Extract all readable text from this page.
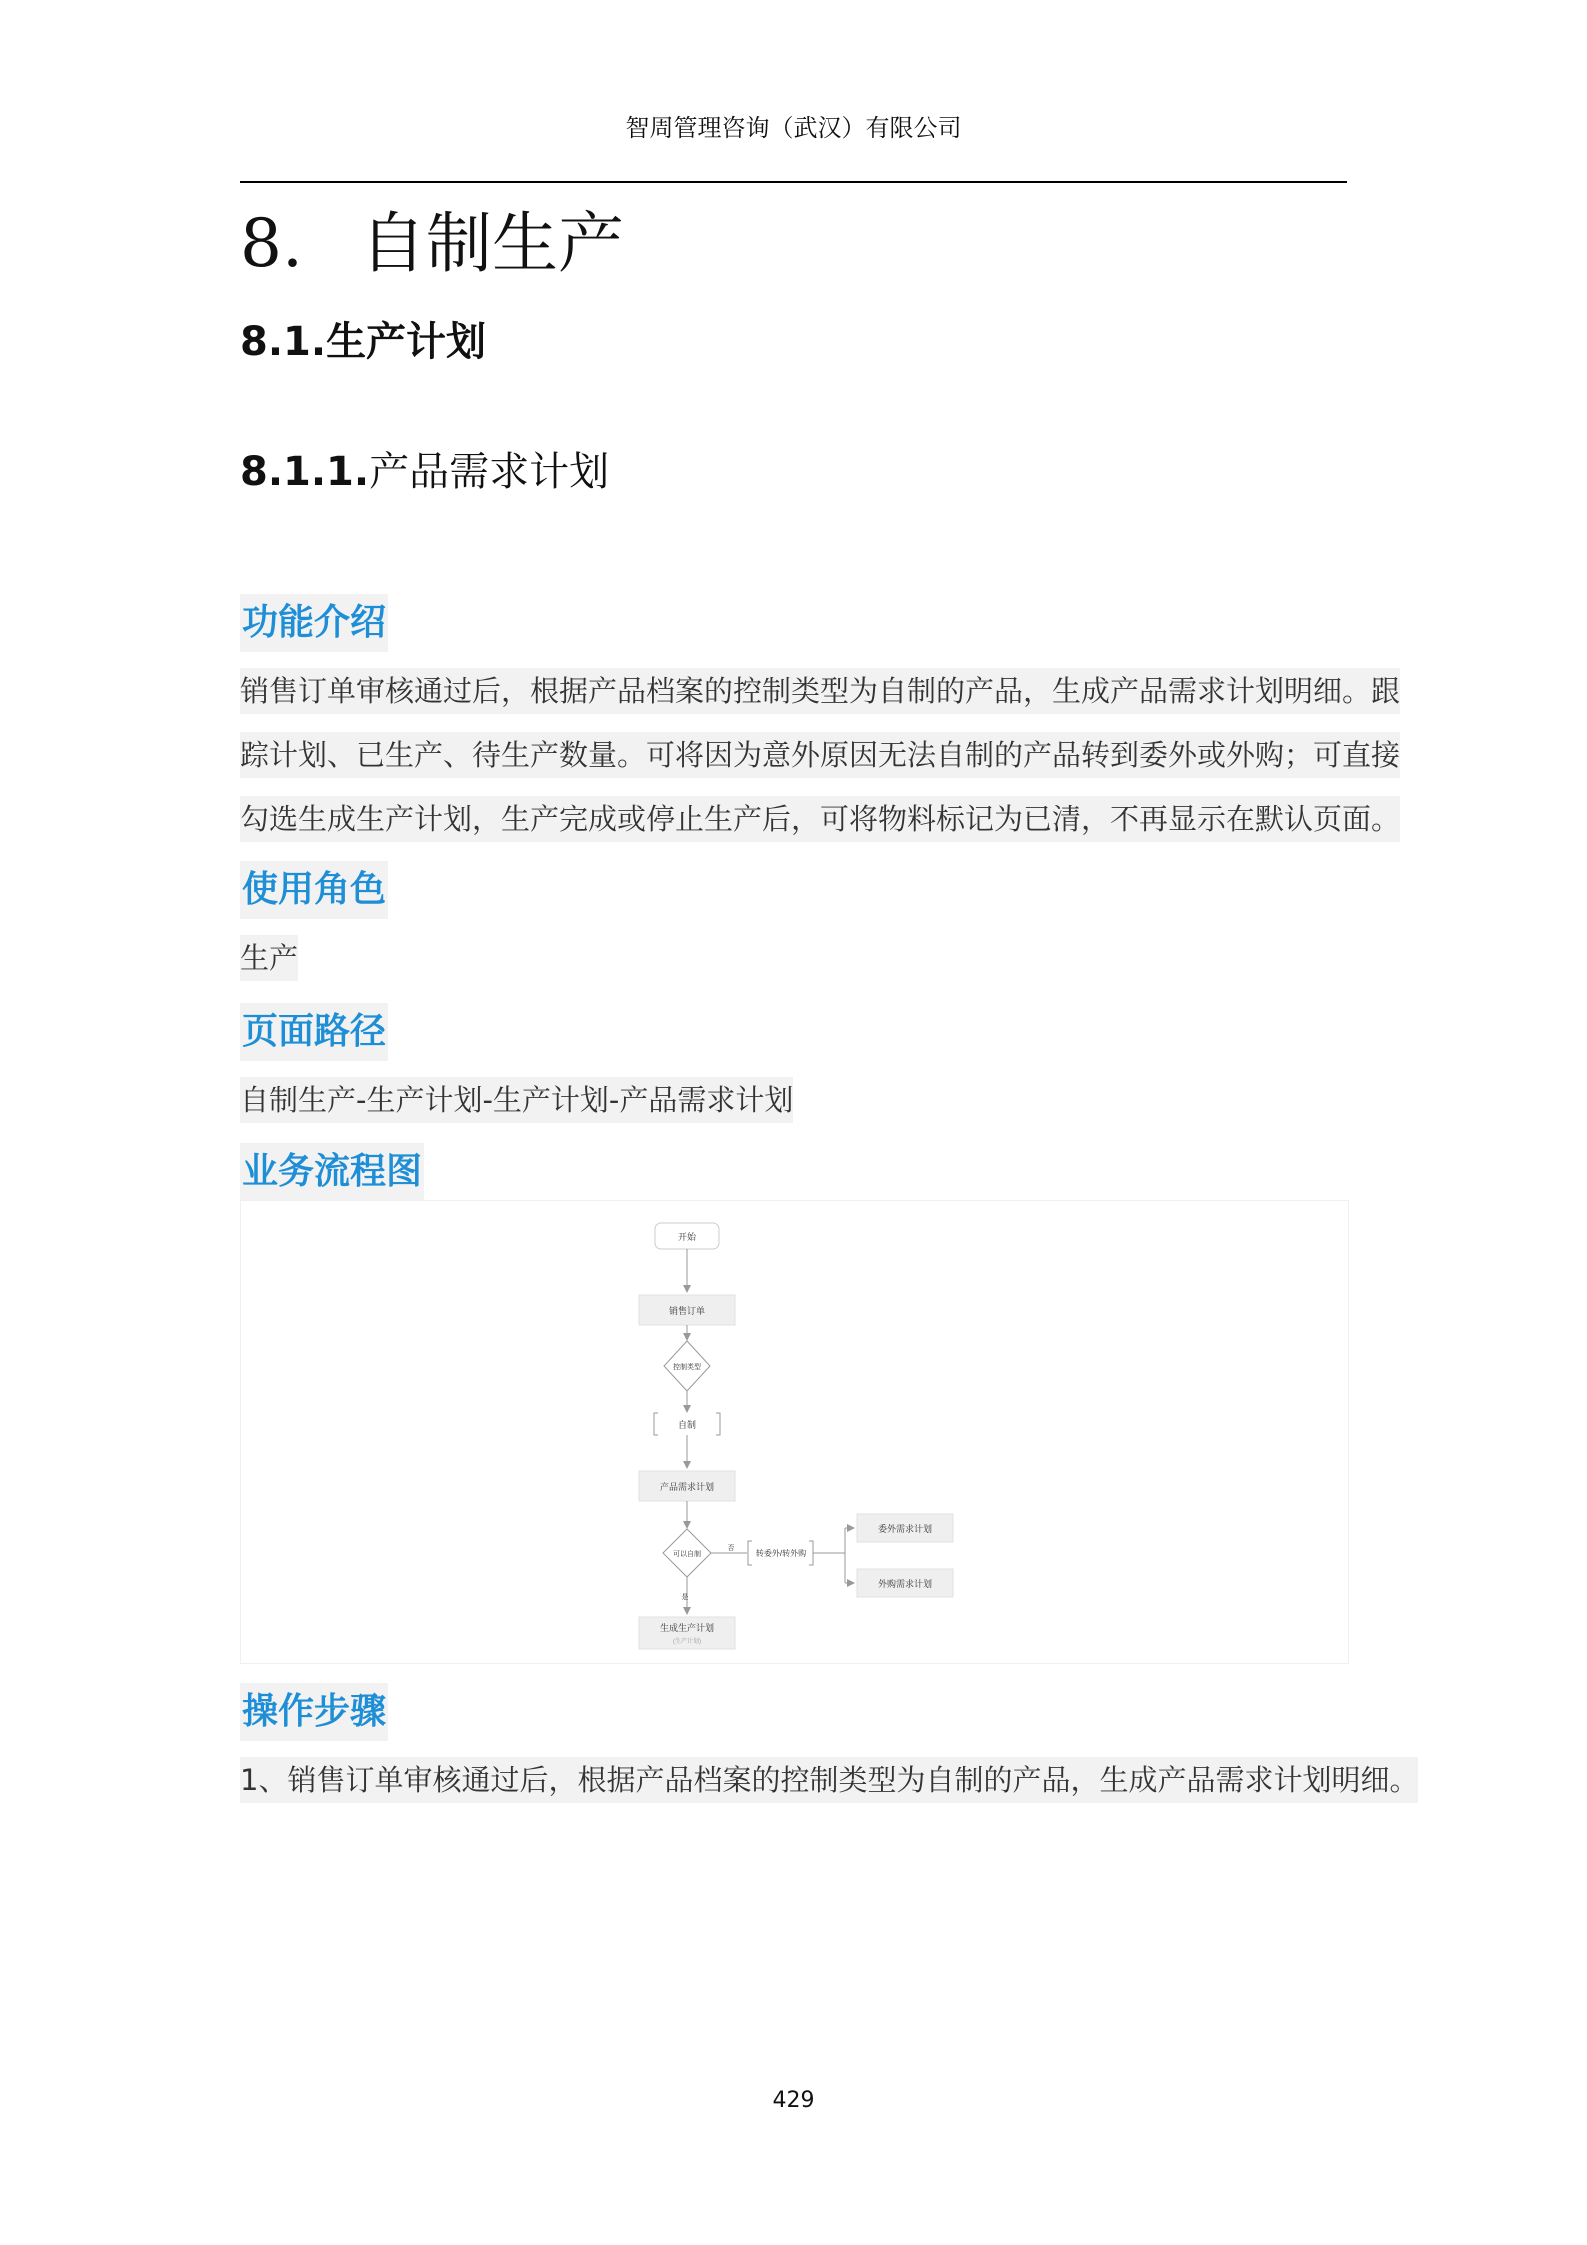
智周管理咨询（武汉）有限公司
8. 自制生产
8.1.生产计划
8.1.1.产品需求计划
功能介绍
销售订单审核通过后，根据产品档案的控制类型为自制的产品，生成产品需求计划明细。跟
踪计划、已生产、待生产数量。可将因为意外原因无法自制的产品转到委外或外购；可直接
勾选生成生产计划，生产完成或停止生产后，可将物料标记为已清，不再显示在默认页面。
使用角色
生产
页面路径
自制生产-生产计划-生产计划-产品需求计划
业务流程图
开始
销售订单
控制类型
自制
产品需求计划
可以自制
否
转委外/转外购
委外需求计划
外购需求计划
是
生成生产计划
(生产计划)
操作步骤
1、销售订单审核通过后，根据产品档案的控制类型为自制的产品，生成产品需求计划明细。
429
